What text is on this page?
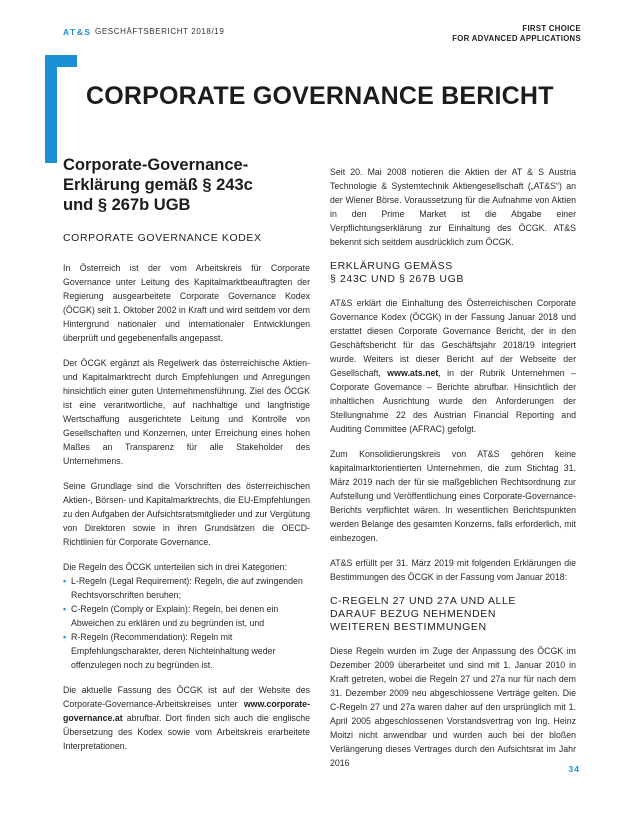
AT&S GESCHÄFTSBERICHT 2018/19	FIRST CHOICE
FOR ADVANCED APPLICATIONS
CORPORATE GOVERNANCE BERICHT
Corporate-Governance-
Erklärung gemäß § 243c
und § 267b UGB
CORPORATE GOVERNANCE KODEX

In Österreich ist der vom Arbeitskreis für Corporate Governance unter Leitung des Kapitalmarktbeauftragten der Regierung ausgearbeitete Corporate Governance Kodex (ÖCGK) seit 1. Oktober 2002 in Kraft und wird seitdem vor dem Hintergrund nationaler und internationaler Entwicklungen überprüft und gegebenenfalls angepasst.

Der ÖCGK ergänzt als Regelwerk das österreichische Aktien- und Kapitalmarktrecht durch Empfehlungen und Anregungen hinsichtlich einer guten Unternehmensführung. Ziel des ÖCGK ist eine verantwortliche, auf nachhaltige und langfristige Wertschaffung ausgerichtete Leitung und Kontrolle von Gesellschaften und Konzernen, unter Erreichung eines hohen Maßes an Transparenz für alle Stakeholder des Unternehmens.

Seine Grundlage sind die Vorschriften des österreichischen Aktien-, Börsen- und Kapitalmarktrechts, die EU-Empfehlungen zu den Aufgaben der Aufsichtsratsmitglieder und zur Vergütung von Direktoren sowie in ihren Grundsätzen die OECD-Richtlinien für Corporate Governance.

Die Regeln des ÖCGK unterteilen sich in drei Kategorien:

• L-Regeln (Legal Requirement): Regeln, die auf zwingenden Rechtsvorschriften beruhen;
• C-Regeln (Comply or Explain): Regeln, bei denen ein Abweichen zu erklären und zu begründen ist, und
• R-Regeln (Recommendation): Regeln mit Empfehlungscharakter, deren Nichteinhaltung weder offenzulegen noch zu begründen ist.

Die aktuelle Fassung des ÖCGK ist auf der Website des Corporate-Governance-Arbeitskreises unter www.corporate-governance.at abrufbar. Dort finden sich auch die englische Übersetzung des Kodex sowie vom Arbeitskreis erarbeitete Interpretationen.

Seit 20. Mai 2008 notieren die Aktien der AT & S Austria Technologie & Systemtechnik Aktiengesellschaft („AT&S“) an der Wiener Börse. Voraussetzung für die Aufnahme von Aktien in den Prime Market ist die Abgabe einer Verpflichtungserklärung zur Einhaltung des ÖCGK. AT&S bekennt sich seitdem ausdrücklich zum ÖCGK.

ERKLÄRUNG GEMÄSS
§ 243C UND § 267B UGB

AT&S erklärt die Einhaltung des Österreichischen Corporate Governance Kodex (ÖCGK) in der Fassung Januar 2018 und erstattet diesen Corporate Governance Bericht, der in den Geschäftsbericht für das Geschäftsjahr 2018/19 integriert wurde. Weiters ist dieser Bericht auf der Webseite der Gesellschaft, www.ats.net, in der Rubrik Unternehmen – Corporate Governance – Berichte abrufbar. Hinsichtlich der inhaltlichen Ausrichtung wurde den Anforderungen der Stellungnahme 22 des Austrian Financial Reporting and Auditing Committee (AFRAC) gefolgt.

Zum Konsolidierungskreis von AT&S gehören keine kapitalmarktorientierten Unternehmen, die zum Stichtag 31. März 2019 nach der für sie maßgeblichen Rechtsordnung zur Aufstellung und Veröffentlichung eines Corporate-Governance-Berichts verpflichtet wären. In wesentlichen Berichtspunkten werden Belange des gesamten Konzerns, falls erforderlich, mit einbezogen.

AT&S erfüllt per 31. März 2019 mit folgenden Erklärungen die Bestimmungen des ÖCGK in der Fassung vom Januar 2018:

C-REGELN 27 UND 27A UND ALLE
DARAUF BEZUG NEHMENDEN
WEITEREN BESTIMMUNGEN

Diese Regeln wurden im Zuge der Anpassung des ÖCGK im Dezember 2009 überarbeitet und sind mit 1. Januar 2010 in Kraft getreten, wobei die Regeln 27 und 27a nur für nach dem 31. Dezember 2009 neu abgeschlossene Verträge gelten. Die C-Regeln 27 und 27a waren daher auf den ursprünglich mit 1. April 2005 abgeschlossenen Vorstandsvertrag von Ing. Heinz Moitzi nicht anwendbar und wurden auch bei der bloßen Verlängerung dieses Vertrages durch den Aufsichtsrat im Jahr 2016

34
